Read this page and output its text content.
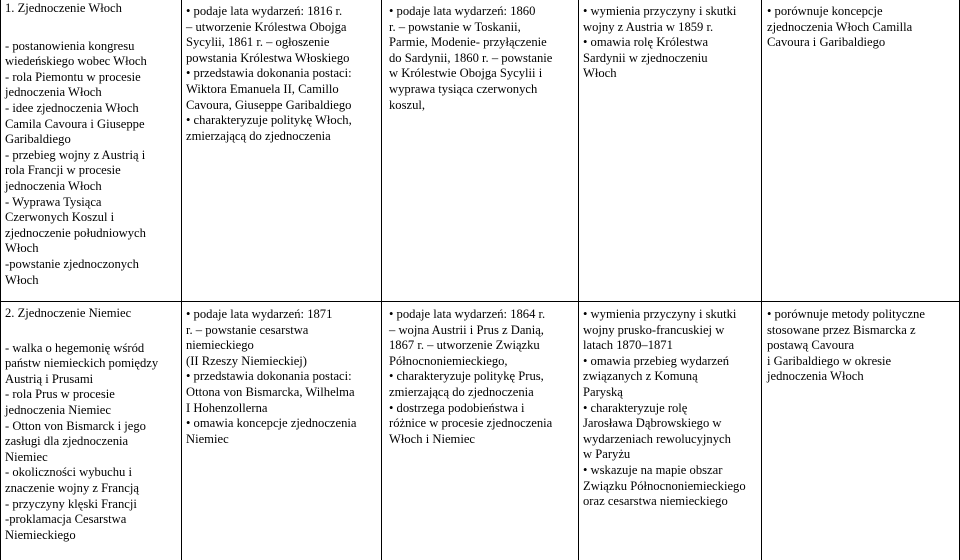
1. Zjednoczenie Włoch
- postanowienia kongresu
wiedeńskiego wobec Włoch
- rola Piemontu w procesie
jednoczenia Włoch
- idee zjednoczenia Włoch
Camila Cavoura i Giuseppe
Garibaldiego
- przebieg wojny z Austrią i
rola Francji w procesie
jednoczenia Włoch
- Wyprawa Tysiąca
Czerwonych Koszul i
zjednoczenie południowych
Włoch
-powstanie zjednoczonych
Włoch
• podaje lata wydarzeń: 1816 r.
– utworzenie Królestwa Obojga
Sycylii, 1861 r. – ogłoszenie
powstania Królestwa Włoskiego
• przedstawia dokonania postaci:
Wiktora Emanuela II, Camillo
Cavoura, Giuseppe Garibaldiego
• charakteryzuje politykę Włoch,
zmierzającą do zjednoczenia
• podaje lata wydarzeń: 1860
r. – powstanie w Toskanii,
Parmie, Modenie- przyłączenie
do Sardynii, 1860 r. – powstanie
w Królestwie Obojga Sycylii i
wyprawa tysiąca czerwonych
koszul,
• wymienia przyczyny i skutki
wojny z Austria w 1859 r.
• omawia rolę Królestwa
Sardynii w zjednoczeniu
Włoch
• porównuje koncepcje
zjednoczenia Włoch Camilla
Cavoura i Garibaldiego
2. Zjednoczenie Niemiec
- walka o hegemonię wśród
państw niemieckich pomiędzy
Austrią i Prusami
- rola Prus w procesie
jednoczenia Niemiec
- Otton von Bismarck i jego
zasługi dla zjednoczenia
Niemiec
- okoliczności wybuchu i
znaczenie wojny z Francją
- przyczyny klęski Francji
-proklamacja Cesarstwa
Niemieckiego
• podaje lata wydarzeń: 1871
r. – powstanie cesarstwa
niemieckiego
(II Rzeszy Niemieckiej)
• przedstawia dokonania postaci:
Ottona von Bismarcka, Wilhelma
I Hohenzollerna
• omawia koncepcje zjednoczenia
Niemiec
• podaje lata wydarzeń: 1864 r.
– wojna Austrii i Prus z Danią,
1867 r. – utworzenie Związku
Północnoniemieckiego,
• charakteryzuje politykę Prus,
zmierzającą do zjednoczenia
• dostrzega podobieństwa i
różnice w procesie zjednoczenia
Włoch i Niemiec
• wymienia przyczyny i skutki
wojny prusko-francuskiej w
latach 1870–1871
• omawia przebieg wydarzeń
związanych z Komuną
Paryską
• charakteryzuje rolę
Jarosława Dąbrowskiego w
wydarzeniach rewolucyjnych
w Paryżu
• wskazuje na mapie obszar
Związku Północnoniemieckiego
oraz cesarstwa niemieckiego
• porównuje metody polityczne
stosowane przez Bismarcka z
postawą Cavoura
i Garibaldiego w okresie
jednoczenia Włoch
